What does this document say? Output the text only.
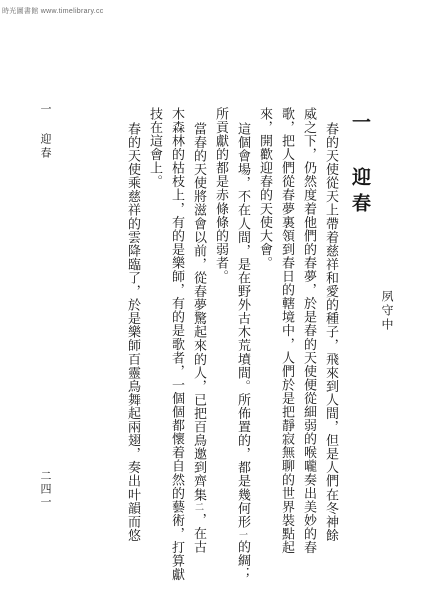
時光圖書館 www.timelibrary.cc
一 迎春
夙守中
春的天使從天上帶着慈祥和愛的種子，飛來到人間，但是人們在冬神餘
威之下，仍然度着他們的春夢，於是春的天使便從細弱的喉嚨奏出美妙的春
歌，把人們從春夢裏領到春日的轄境中，人們於是把靜寂無聊的世界裝點起
來，開歡迎春的天使大會。
這個會場，不在人間，是在野外古木荒墳間。所佈置的，都是幾何形一的綢；
所貢獻的都是赤條條的弱者。
當春的天使將滋會以前，從春夢驚起來的人，已把百鳥邀到齊集二，在古
木森林的枯枝上，有的是樂師，有的是歌者，一個個都懷着自然的藝術，打算獻
技在這會上。
春的天使乘慈祥的雲降臨了，於是樂師百靈鳥舞起兩翅，奏出叶韻而悠
一 迎春
二四一
